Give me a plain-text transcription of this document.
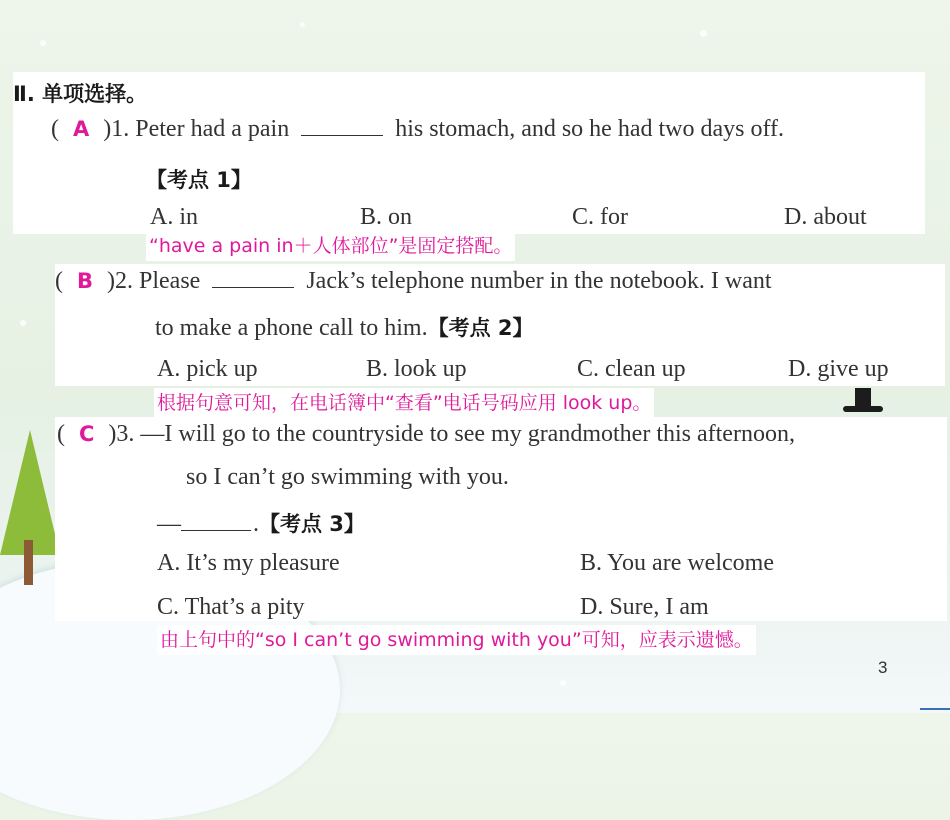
Ⅱ. 单项选择。
( A )1. Peter had a pain	his stomach, and so he had two days off.
【考点 1】
A. in	B. on	C. for	D. about
“have a pain in＋人体部位”是固定搭配。
( B )2. Please	Jack’s telephone number in the notebook. I want
to make a phone call to him.【考点 2】
A. pick up	B. look up	C. clean up	D. give up
根据句意可知，在电话簿中“查看”电话号码应用 look up。
( C )3. —I will go to the countryside to see my grandmother this afternoon,
so I can’t go swimming with you.
—	.【考点 3】
A. It’s my pleasure	B. You are welcome
C. That’s a pity	D. Sure, I am
由上句中的“so I can’t go swimming with you”可知，应表示遗憾。
3
